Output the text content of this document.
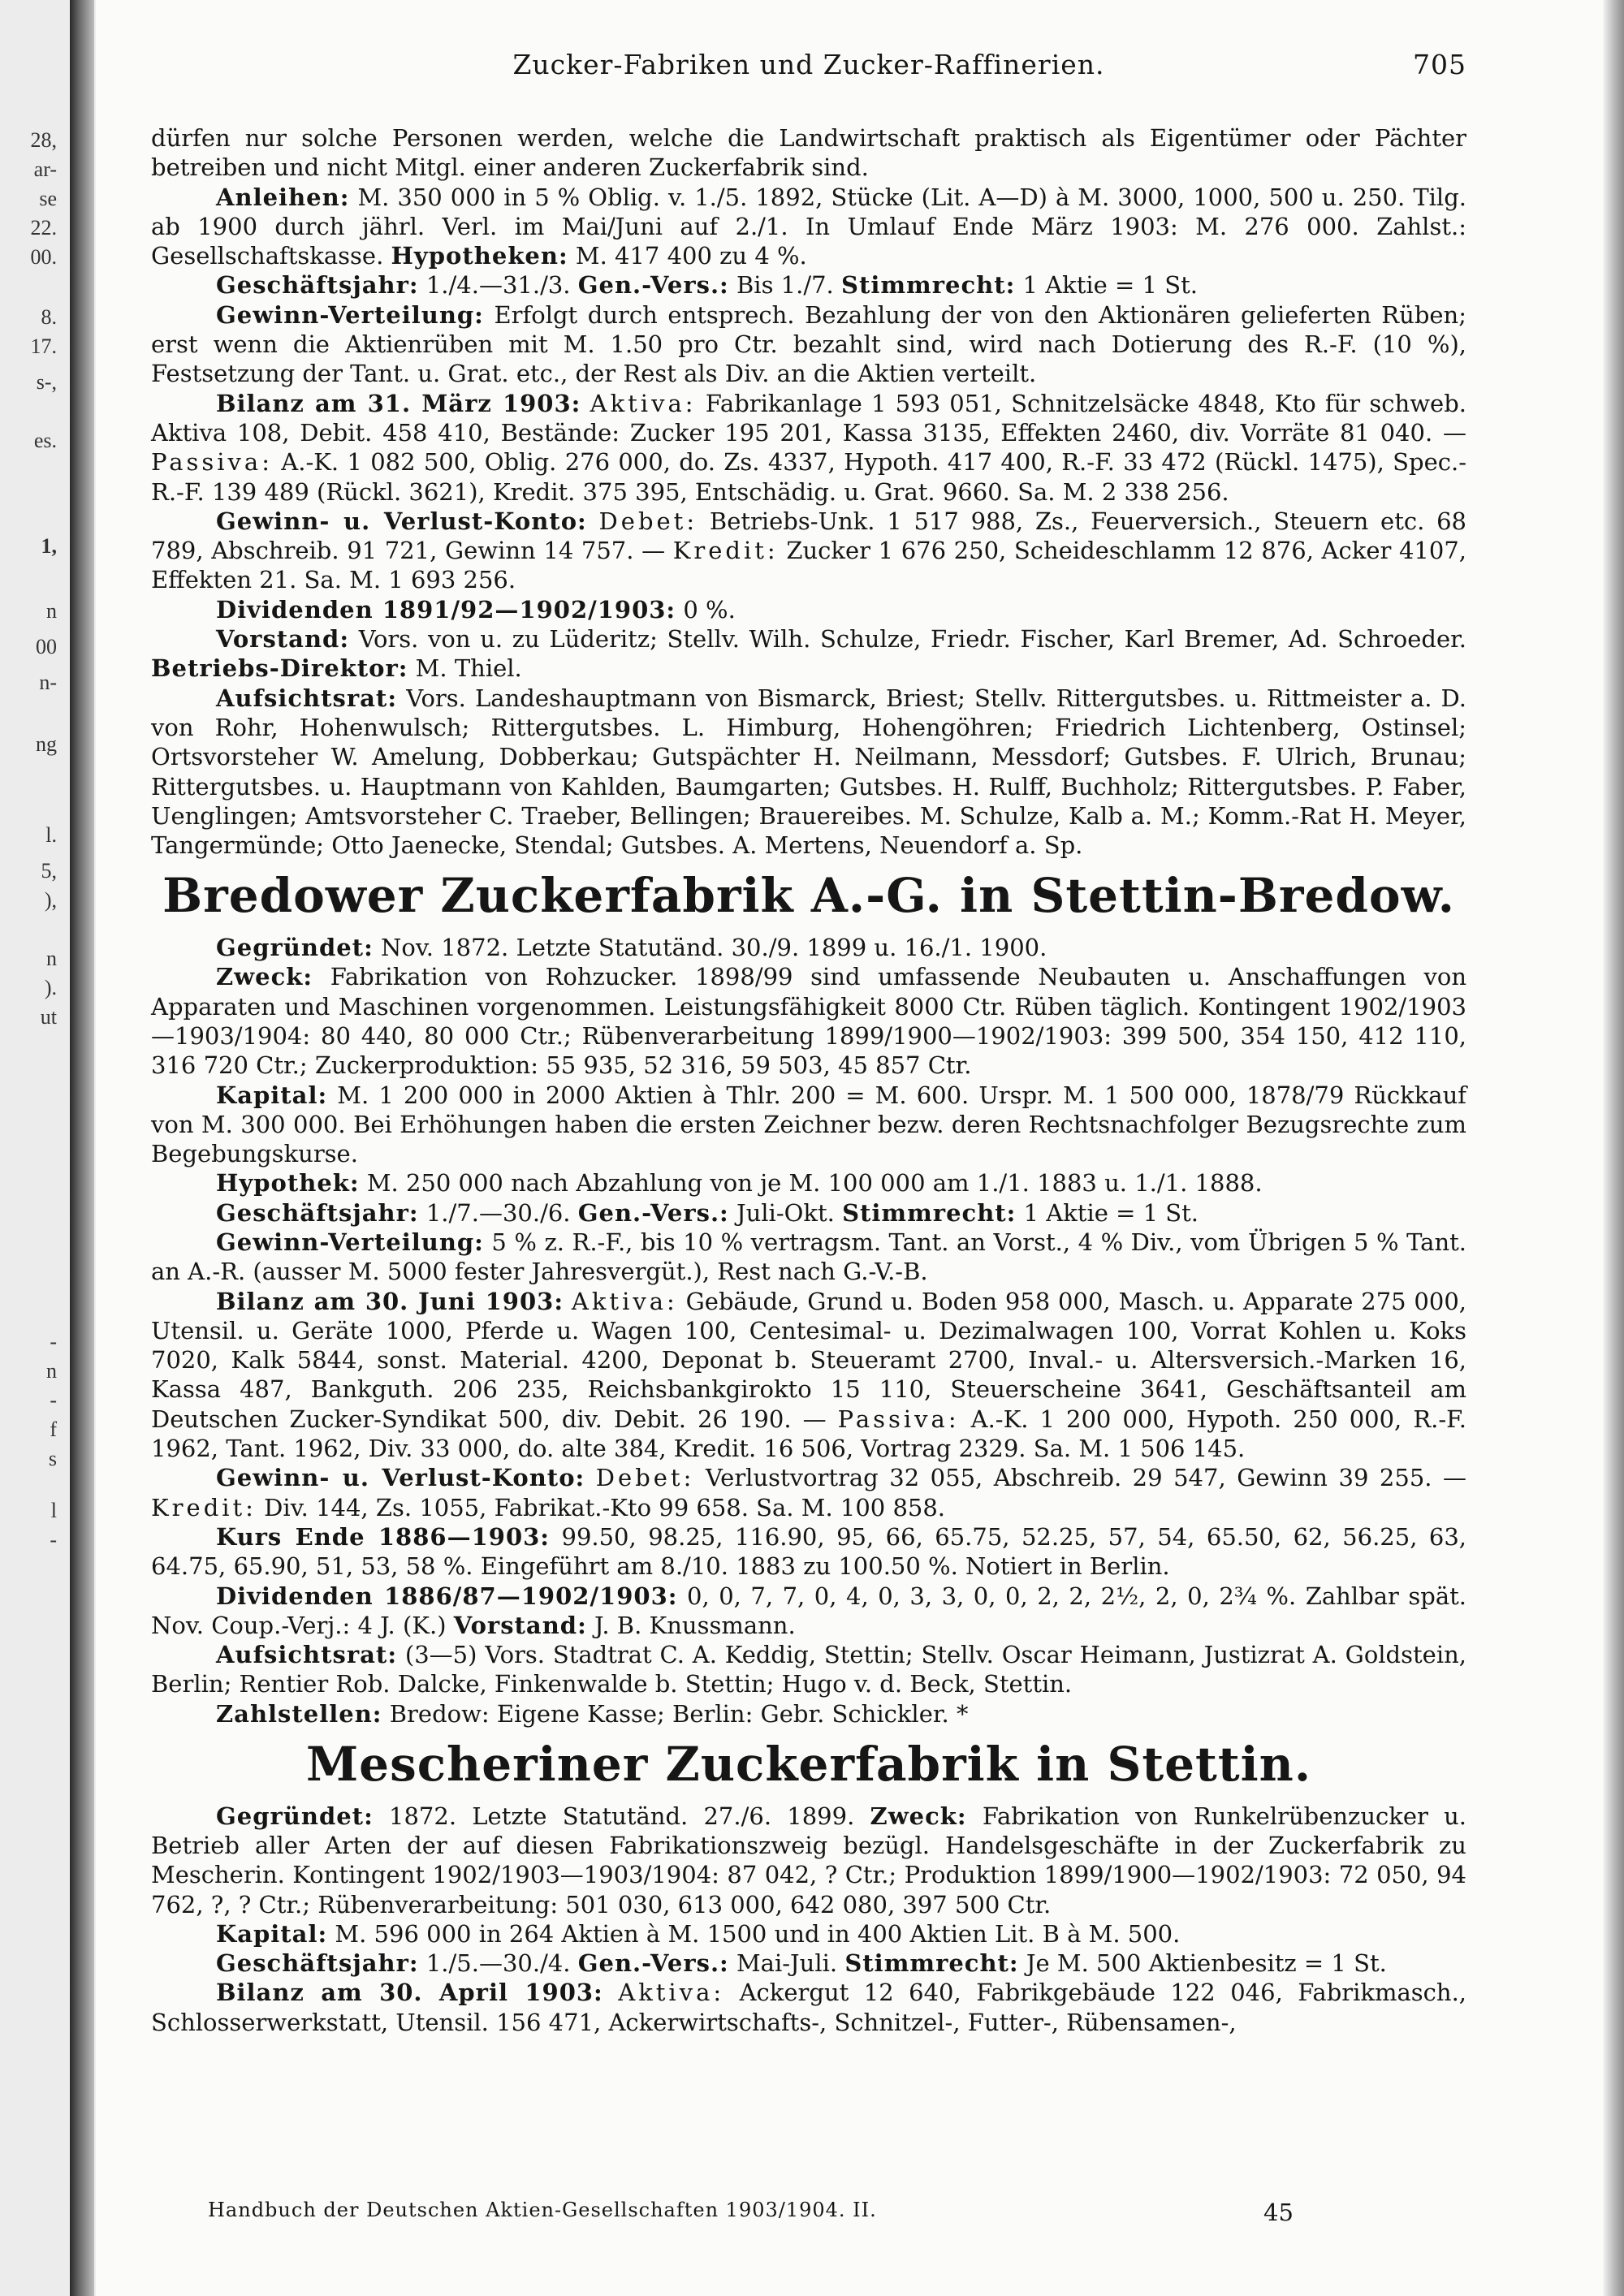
28,
ar-
se
22.
00.
8.
17.
s-,
es.
1,
n
00
n-
ng
l.
5,
),
n
).
ut
-
n
-
f
s
l
-
Zucker-Fabriken und Zucker-Raffinerien.	705

dürfen nur solche Personen werden, welche die Landwirtschaft praktisch als Eigentümer oder Pächter betreiben und nicht Mitgl. einer anderen Zuckerfabrik sind.

Anleihen: M. 350 000 in 5 % Oblig. v. 1./5. 1892, Stücke (Lit. A—D) à M. 3000, 1000, 500 u. 250. Tilg. ab 1900 durch jährl. Verl. im Mai/Juni auf 2./1. In Umlauf Ende März 1903: M. 276 000. Zahlst.: Gesellschaftskasse. Hypotheken: M. 417 400 zu 4 %.

Geschäftsjahr: 1./4.—31./3. Gen.-Vers.: Bis 1./7. Stimmrecht: 1 Aktie = 1 St.

Gewinn-Verteilung: Erfolgt durch entsprech. Bezahlung der von den Aktionären gelieferten Rüben; erst wenn die Aktienrüben mit M. 1.50 pro Ctr. bezahlt sind, wird nach Dotierung des R.-F. (10 %), Festsetzung der Tant. u. Grat. etc., der Rest als Div. an die Aktien verteilt.

Bilanz am 31. März 1903: Aktiva: Fabrikanlage 1 593 051, Schnitzelsäcke 4848, Kto für schweb. Aktiva 108, Debit. 458 410, Bestände: Zucker 195 201, Kassa 3135, Effekten 2460, div. Vorräte 81 040. — Passiva: A.-K. 1 082 500, Oblig. 276 000, do. Zs. 4337, Hypoth. 417 400, R.-F. 33 472 (Rückl. 1475), Spec.-R.-F. 139 489 (Rückl. 3621), Kredit. 375 395, Entschädig. u. Grat. 9660. Sa. M. 2 338 256.

Gewinn- u. Verlust-Konto: Debet: Betriebs-Unk. 1 517 988, Zs., Feuerversich., Steuern etc. 68 789, Abschreib. 91 721, Gewinn 14 757. — Kredit: Zucker 1 676 250, Scheideschlamm 12 876, Acker 4107, Effekten 21. Sa. M. 1 693 256.

Dividenden 1891/92—1902/1903: 0 %.

Vorstand: Vors. von u. zu Lüderitz; Stellv. Wilh. Schulze, Friedr. Fischer, Karl Bremer, Ad. Schroeder. Betriebs-Direktor: M. Thiel.

Aufsichtsrat: Vors. Landeshauptmann von Bismarck, Briest; Stellv. Rittergutsbes. u. Rittmeister a. D. von Rohr, Hohenwulsch; Rittergutsbes. L. Himburg, Hohengöhren; Friedrich Lichtenberg, Ostinsel; Ortsvorsteher W. Amelung, Dobberkau; Gutspächter H. Neilmann, Messdorf; Gutsbes. F. Ulrich, Brunau; Rittergutsbes. u. Hauptmann von Kahlden, Baumgarten; Gutsbes. H. Rulff, Buchholz; Rittergutsbes. P. Faber, Uenglingen; Amtsvorsteher C. Traeber, Bellingen; Brauereibes. M. Schulze, Kalb a. M.; Komm.-Rat H. Meyer, Tangermünde; Otto Jaenecke, Stendal; Gutsbes. A. Mertens, Neuendorf a. Sp.

Bredower Zuckerfabrik A.-G. in Stettin-Bredow.

Gegründet: Nov. 1872. Letzte Statutänd. 30./9. 1899 u. 16./1. 1900.

Zweck: Fabrikation von Rohzucker. 1898/99 sind umfassende Neubauten u. Anschaffungen von Apparaten und Maschinen vorgenommen. Leistungsfähigkeit 8000 Ctr. Rüben täglich. Kontingent 1902/1903—1903/1904: 80 440, 80 000 Ctr.; Rübenverarbeitung 1899/1900—1902/1903: 399 500, 354 150, 412 110, 316 720 Ctr.; Zuckerproduktion: 55 935, 52 316, 59 503, 45 857 Ctr.

Kapital: M. 1 200 000 in 2000 Aktien à Thlr. 200 = M. 600. Urspr. M. 1 500 000, 1878/79 Rückkauf von M. 300 000. Bei Erhöhungen haben die ersten Zeichner bezw. deren Rechtsnachfolger Bezugsrechte zum Begebungskurse.

Hypothek: M. 250 000 nach Abzahlung von je M. 100 000 am 1./1. 1883 u. 1./1. 1888.

Geschäftsjahr: 1./7.—30./6. Gen.-Vers.: Juli-Okt. Stimmrecht: 1 Aktie = 1 St.

Gewinn-Verteilung: 5 % z. R.-F., bis 10 % vertragsm. Tant. an Vorst., 4 % Div., vom Übrigen 5 % Tant. an A.-R. (ausser M. 5000 fester Jahresvergüt.), Rest nach G.-V.-B.

Bilanz am 30. Juni 1903: Aktiva: Gebäude, Grund u. Boden 958 000, Masch. u. Apparate 275 000, Utensil. u. Geräte 1000, Pferde u. Wagen 100, Centesimal- u. Dezimalwagen 100, Vorrat Kohlen u. Koks 7020, Kalk 5844, sonst. Material. 4200, Deponat b. Steueramt 2700, Inval.- u. Altersversich.-Marken 16, Kassa 487, Bankguth. 206 235, Reichsbankgirokto 15 110, Steuerscheine 3641, Geschäftsanteil am Deutschen Zucker-Syndikat 500, div. Debit. 26 190. — Passiva: A.-K. 1 200 000, Hypoth. 250 000, R.-F. 1962, Tant. 1962, Div. 33 000, do. alte 384, Kredit. 16 506, Vortrag 2329. Sa. M. 1 506 145.

Gewinn- u. Verlust-Konto: Debet: Verlustvortrag 32 055, Abschreib. 29 547, Gewinn 39 255. — Kredit: Div. 144, Zs. 1055, Fabrikat.-Kto 99 658. Sa. M. 100 858.

Kurs Ende 1886—1903: 99.50, 98.25, 116.90, 95, 66, 65.75, 52.25, 57, 54, 65.50, 62, 56.25, 63, 64.75, 65.90, 51, 53, 58 %. Eingeführt am 8./10. 1883 zu 100.50 %. Notiert in Berlin.

Dividenden 1886/87—1902/1903: 0, 0, 7, 7, 0, 4, 0, 3, 3, 0, 0, 2, 2, 2½, 2, 0, 2¾ %. Zahlbar spät. Nov. Coup.-Verj.: 4 J. (K.) Vorstand: J. B. Knussmann.

Aufsichtsrat: (3—5) Vors. Stadtrat C. A. Keddig, Stettin; Stellv. Oscar Heimann, Justizrat A. Goldstein, Berlin; Rentier Rob. Dalcke, Finkenwalde b. Stettin; Hugo v. d. Beck, Stettin.

Zahlstellen: Bredow: Eigene Kasse; Berlin: Gebr. Schickler. *

Mescheriner Zuckerfabrik in Stettin.

Gegründet: 1872. Letzte Statutänd. 27./6. 1899. Zweck: Fabrikation von Runkelrübenzucker u. Betrieb aller Arten der auf diesen Fabrikationszweig bezügl. Handelsgeschäfte in der Zuckerfabrik zu Mescherin. Kontingent 1902/1903—1903/1904: 87 042, ? Ctr.; Produktion 1899/1900—1902/1903: 72 050, 94 762, ?, ? Ctr.; Rübenverarbeitung: 501 030, 613 000, 642 080, 397 500 Ctr.

Kapital: M. 596 000 in 264 Aktien à M. 1500 und in 400 Aktien Lit. B à M. 500.

Geschäftsjahr: 1./5.—30./4. Gen.-Vers.: Mai-Juli. Stimmrecht: Je M. 500 Aktienbesitz = 1 St.

Bilanz am 30. April 1903: Aktiva: Ackergut 12 640, Fabrikgebäude 122 046, Fabrikmasch., Schlosserwerkstatt, Utensil. 156 471, Ackerwirtschafts-, Schnitzel-, Futter-, Rübensamen-,

Handbuch der Deutschen Aktien-Gesellschaften 1903/1904. II.	45
